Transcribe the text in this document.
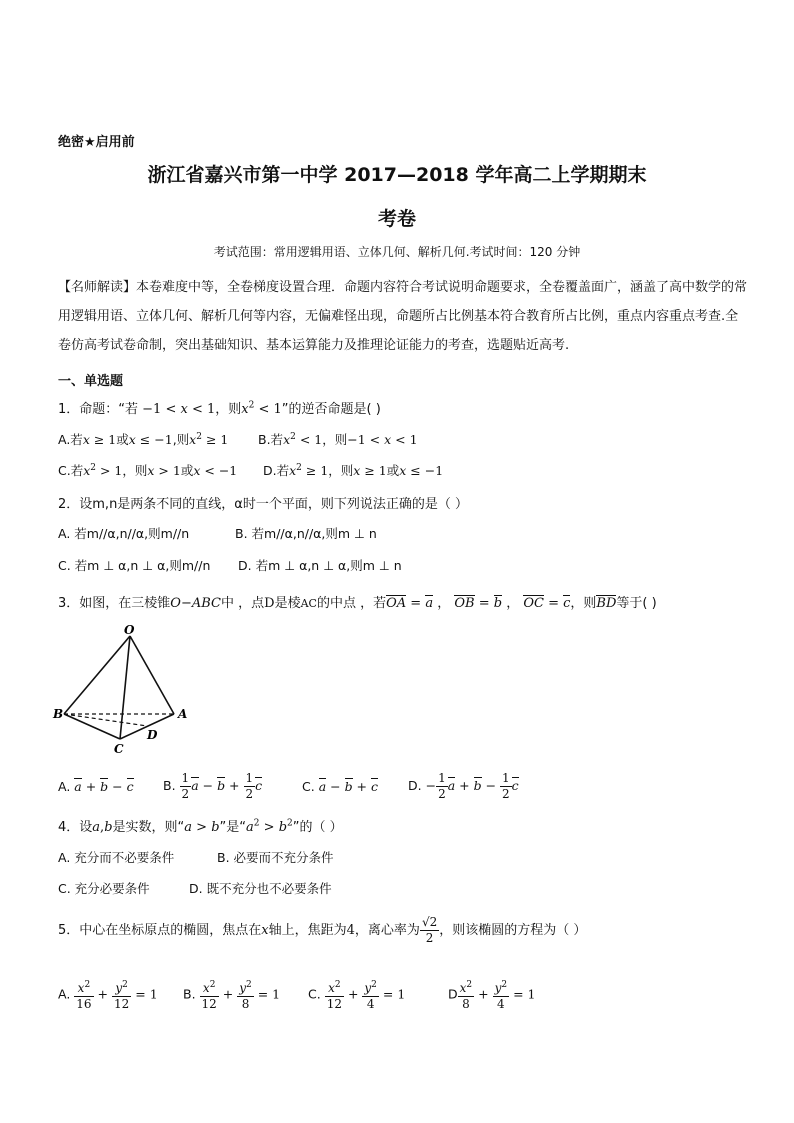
绝密★启用前
浙江省嘉兴市第一中学 2017—2018 学年高二上学期期末
考卷
考试范围：常用逻辑用语、立体几何、解析几何.考试时间：120 分钟
【名师解读】本卷难度中等，全卷梯度设置合理．命题内容符合考试说明命题要求，全卷覆盖面广，涵盖了高中数学的常用逻辑用语、立体几何、解析几何等内容，无偏难怪出现，命题所占比例基本符合教育所占比例，重点内容重点考查.全卷仿高考试卷命制，突出基础知识、基本运算能力及推理论证能力的考查，选题贴近高考.
一、单选题
1．命题：“若 −1 < x < 1，则$x^2 < 1$”的逆否命题是( )
A.若x ≥ 1或x ≤ −1,则$x^2 \ge 1$ B.若$x^2 < 1$，则−1 < x < 1
C.若$x^2 > 1$，则x > 1或x < −1 D.若$x^2 \ge 1$，则x ≥ 1或x ≤ −1
2．设m,n是两条不同的直线，α时一个平面，则下列说法正确的是（ ）
A. 若m//α,n//α,则m//n	B. 若m//α,n//α,则m ⊥ n
C. 若m ⊥ α,n ⊥ α,则m//n D. 若m ⊥ α,n ⊥ α,则m ⊥ n
3．如图，在三棱锥O−ABC中 ，点D是棱AC的中点 ，若OA = a ， OB = b ， OC = c，则BD等于( )
O
A
B
C
D
A. a + b − c B. $\frac{1}{2}$ $a - b + \frac{1}{2}$ c	C. a − b + c D. − $\frac{1}{2}$ $a + b - \frac{1}{2}$ c
4．设a,b是实数，则“a > b”是“$a^2 > b^2$”的（ ）
A. 充分而不必要条件	B. 必要而不充分条件
C. 充分必要条件	D. 既不充分也不必要条件
5．中心在坐标原点的椭圆，焦点在x轴上，焦距为4，离心率为 $\frac{√2}{2}$ ，则该椭圆的方程为（ ）
A. $\frac{x^2}{16} + \frac{y^2}{12} = 1$ B. $\frac{x^2}{12} + \frac{y^2}{8} = 1$ C. $\frac{x^2}{12} + \frac{y^2}{4} = 1$	D $\frac{x^2}{8} + \frac{y^2}{4} = 1$
